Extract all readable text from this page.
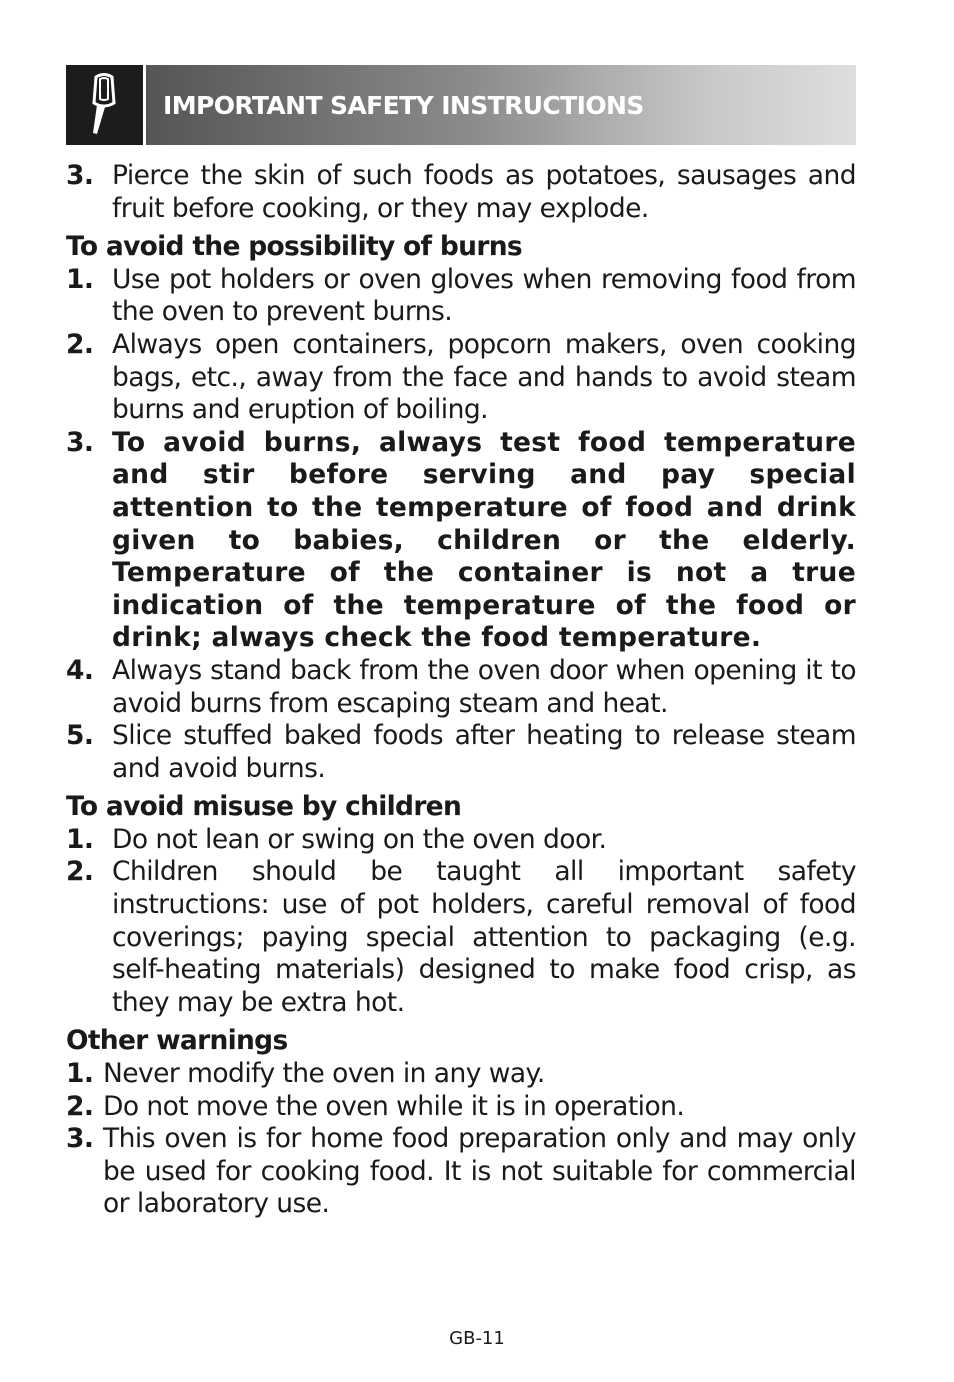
IMPORTANT SAFETY INSTRUCTIONS
3. Pierce the skin of such foods as potatoes, sausages and fruit before cooking, or they may explode.
To avoid the possibility of burns
1. Use pot holders or oven gloves when removing food from the oven to prevent burns.
2. Always open containers, popcorn makers, oven cooking bags, etc., away from the face and hands to avoid steam burns and eruption of boiling.
3. To avoid burns, always test food temperature and stir before serving and pay special attention to the temperature of food and drink given to babies, children or the elderly. Temperature of the container is not a true indication of the temperature of the food or drink; always check the food temperature.
4. Always stand back from the oven door when opening it to avoid burns from escaping steam and heat.
5. Slice stuffed baked foods after heating to release steam and avoid burns.
To avoid misuse by children
1. Do not lean or swing on the oven door.
2. Children should be taught all important safety instructions: use of pot holders, careful removal of food coverings; paying special attention to packaging (e.g. self-heating materials) designed to make food crisp, as they may be extra hot.
Other warnings
1. Never modify the oven in any way.
2. Do not move the oven while it is in operation.
3. This oven is for home food preparation only and may only be used for cooking food. It is not suitable for commercial or laboratory use.
GB-11
